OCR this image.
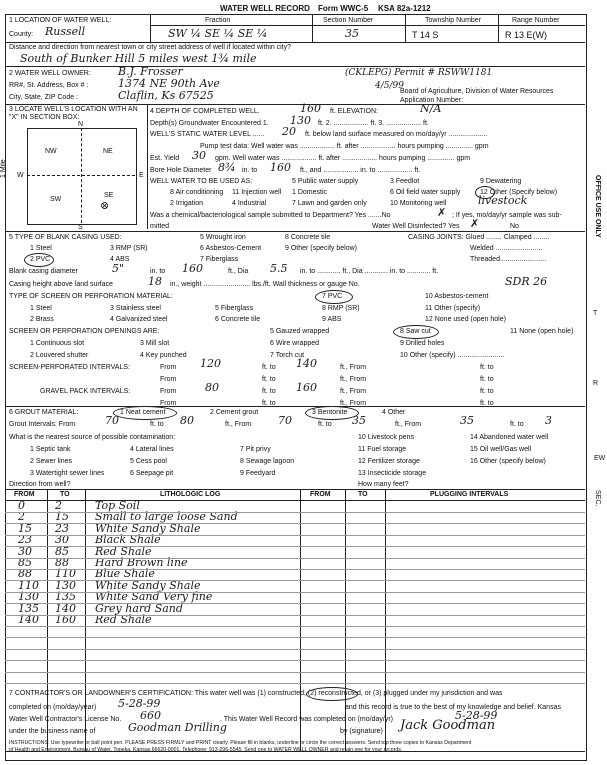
WATER WELL RECORD Form WWC-5 KSA 82a-1212
1 LOCATION OF WATER WELL:	Fraction	Section Number	Township Number	Range Number
County: Russell	SW ¼ SE ¼ SE ¼	35	T 14 S	R 13 E(W)
Distance and direction from nearest town or city street address of well if located within city?
South of Bunker Hill 5 miles west 1¾ mile
2 WATER WELL OWNER: B.J. Frosser	(CKLEPG) Permit # RSWW1181
RR#, St. Address, Box # :	1374 NE 90th Ave	4/5/99
Board of Agriculture, Division of Water Resources
City, State, ZIP Code :	Claflin, Ks 67525	Application Number:
3 LOCATE WELL'S LOCATION WITH AN "X" IN SECTION BOX:
N
NW	NE
W	E
SW
SE
⊗
S
1 Mile
4 DEPTH OF COMPLETED WELL.	160 ft. ELEVATION:	N/A
Depth(s) Groundwater Encountered 1. 130 ft. 2. .................. ft. 3. .................. ft.
WELL'S STATIC WATER LEVEL ...... 20 ft. below land surface measured on mo/day/yr ....................
Pump test data: Well water was .................. ft. after .................. hours pumping .............. gpm
Est. Yield 30 gpm. Well water was .................. ft. after .................. hours pumping .............. gpm
Bore Hole Diameter 8¾ in. to 160 ft., and .................. in. to .................. ft.
WELL WATER TO BE USED AS:	5 Public water supply
8 Air conditioning 11 Injection well 1 Domestic
3 Feedlot
6 Oil field water supply
9 Dewatering
12 Other (Specify below)
2 Irrigation	4 Industrial	7 Lawn and garden only	10 Monitoring well	livestock
Was a chemical/bacteriological sample submitted to Department? Yes .......No	✗ ; If yes, mo/day/yr sample was sub-
mitted	Water Well Disinfected? Yes ✗	No
5 TYPE OF BLANK CASING USED:	5 Wrought iron	8 Concrete tile	CASING JOINTS: Glued ........ Clamped ........
1 Steel	3 RMP (SR)	6 Asbestos-Cement	9 Other (specify below)	Welded ........................
2 PVC	4 ABS	7 Fiberglass	Threaded........................
Blank casing diameter	5"	in. to 160	ft., Dia 5.5 in. to ............ ft., Dia ............ in. to ............ ft.
Casing height above land surface	18 in., weight ........................ lbs./ft. Wall thickness or gauge No.	SDR 26
TYPE OF SCREEN OR PERFORATION MATERIAL:	7 PVC	10 Asbestos-cement
1 Steel	3 Stainless steel	5 Fiberglass	8 RMP (SR)	11 Other (specify)
2 Brass	4 Galvanized steel	6 Concrete tile	9 ABS	12 None used (open hole)
SCREEN OR PERFORATION OPENINGS ARE:	5 Gauzed wrapped	8 Saw cut	11 None (open hole)
1 Continuous slot	3 Mill slot	6 Wire wrapped	9 Drilled holes
2 Louvered shutter	4 Key punched	7 Torch cut	10 Other (specify) ........................
SCREEN-PERFORATED INTERVALS:	From 120	ft. to 140	ft., From	ft. to
From	ft. to	ft., From	ft. to
GRAVEL PACK INTERVALS:	From	80	ft. to 160	ft., From	ft. to
From	ft. to	ft., From	ft. to
6 GROUT MATERIAL:	1 Neat cement	2 Cement grout	3 Bentonite	4 Other
Grout Intervals: From	70	ft. to 80	ft., From 70	ft. to 35	ft., From	35	ft. to 3
What is the nearest source of possible contamination:	10 Livestock pens	14 Abandoned water well
1 Septic tank	4 Lateral lines	7 Pit privy	11 Fuel storage	15 Oil well/Gas well
2 Sewer lines	5 Cess pool	8 Sewage lagoon	12 Fertilizer storage	16 Other (specify below)
3 Watertight sewer lines	6 Seepage pit	9 Feedyard	13 Insecticide storage
Direction from well?	How many feet?
FROM	TO	LITHOLOGIC LOG	FROM	TO	PLUGGING INTERVALS
0	2	Top Soil
2	15 Small to large loose Sand
15 23 White Sandy Shale
23 30 Black Shale
30 85 Red Shale
85 88 Hard Brown line
88 110 Blue Shale
110 130 White Sandy Shale
130 135 White Sand Very fine
135 140 Grey hard Sand
140 160 Red Shale
7 CONTRACTOR'S OR LANDOWNER'S CERTIFICATION: This water well was (1) constructed, (2) reconstructed, or (3) plugged under my jurisdiction and was
completed on (mo/day/year) 5-28-99	and this record is true to the best of my knowledge and belief. Kansas
Water Well Contractor's License No. 660	. This Water Well Record was completed on (mo/day/yr)	5-28-99
under the business name of	Goodman Drilling	by (signature) Jack Goodman
INSTRUCTIONS: Use typewriter or ball point pen. PLEASE PRESS FIRMLY and PRINT clearly. Please fill in blanks, underline or circle the correct answers. Send top three copies to Kansas Department
of Health and Environment, Bureau of Water, Topeka, Kansas 66620-0001. Telephone: 913-296-5545. Send one to WATER WELL OWNER and retain one for your records.
OFFICE USE ONLY
T
R
EW
SEC.
